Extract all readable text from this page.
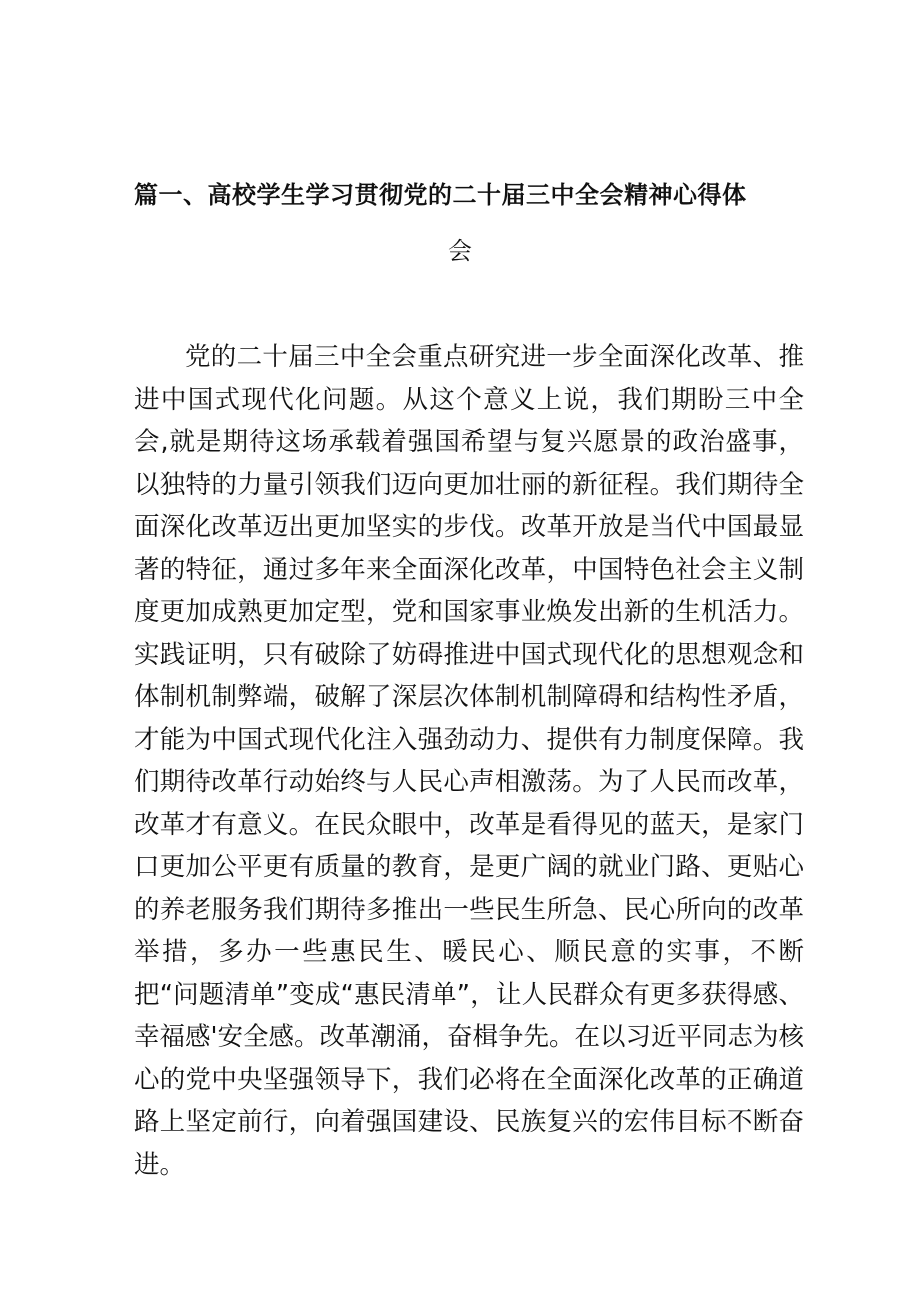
篇一、高校学生学习贯彻党的二十届三中全会精神心得体
会

党的二十届三中全会重点研究进一步全面深化改革、推进中国式现代化问题。从这个意义上说，我们期盼三中全会,就是期待这场承载着强国希望与复兴愿景的政治盛事，以独特的力量引领我们迈向更加壮丽的新征程。我们期待全面深化改革迈出更加坚实的步伐。改革开放是当代中国最显著的特征，通过多年来全面深化改革，中国特色社会主义制度更加成熟更加定型，党和国家事业焕发出新的生机活力。实践证明，只有破除了妨碍推进中国式现代化的思想观念和体制机制弊端，破解了深层次体制机制障碍和结构性矛盾，才能为中国式现代化注入强劲动力、提供有力制度保障。我们期待改革行动始终与人民心声相激荡。为了人民而改革，改革才有意义。在民众眼中，改革是看得见的蓝天，是家门口更加公平更有质量的教育，是更广阔的就业门路、更贴心的养老服务我们期待多推出一些民生所急、民心所向的改革举措，多办一些惠民生、暖民心、顺民意的实事，不断把“问题清单”变成“惠民清单”，让人民群众有更多获得感、幸福感'安全感。改革潮涌，奋楫争先。在以习近平同志为核心的党中央坚强领导下，我们必将在全面深化改革的正确道路上坚定前行，向着强国建设、民族复兴的宏伟目标不断奋进。
